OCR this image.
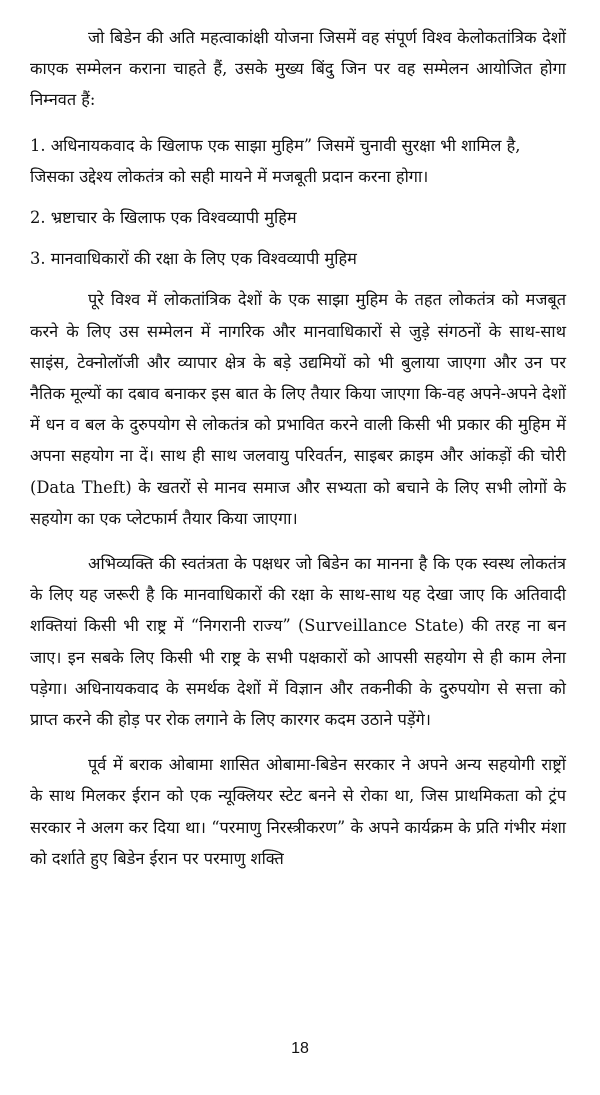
जो बिडेन की अति महत्वाकांक्षी योजना जिसमें वह संपूर्ण विश्व केलोकतांत्रिक देशों काएक सम्मेलन कराना चाहते हैं, उसके मुख्य बिंदु जिन पर वह सम्मेलन आयोजित होगा निम्नवत हैं:

1. अधिनायकवाद के खिलाफ एक साझा मुहिम” जिसमें चुनावी सुरक्षा भी शामिल है, जिसका उद्देश्य लोकतंत्र को सही मायने में मजबूती प्रदान करना होगा।

2. भ्रष्टाचार के खिलाफ एक विश्वव्यापी मुहिम

3. मानवाधिकारों की रक्षा के लिए एक विश्वव्यापी मुहिम

पूरे विश्व में लोकतांत्रिक देशों के एक साझा मुहिम के तहत लोकतंत्र को मजबूत करने के लिए उस सम्मेलन में नागरिक और मानवाधिकारों से जुड़े संगठनों के साथ-साथ साइंस, टेक्नोलॉजी और व्यापार क्षेत्र के बड़े उद्यमियों को भी बुलाया जाएगा और उन पर नैतिक मूल्यों का दबाव बनाकर इस बात के लिए तैयार किया जाएगा कि-वह अपने-अपने देशों में धन व बल के दुरुपयोग से लोकतंत्र को प्रभावित करने वाली किसी भी प्रकार की मुहिम में अपना सहयोग ना दें। साथ ही साथ जलवायु परिवर्तन, साइबर क्राइम और आंकड़ों की चोरी (Data Theft) के खतरों से मानव समाज और सभ्यता को बचाने के लिए सभी लोगों के सहयोग का एक प्लेटफार्म तैयार किया जाएगा।

अभिव्यक्ति की स्वतंत्रता के पक्षधर जो बिडेन का मानना है कि एक स्वस्थ लोकतंत्र के लिए यह जरूरी है कि मानवाधिकारों की रक्षा के साथ-साथ यह देखा जाए कि अतिवादी शक्तियां किसी भी राष्ट्र में “निगरानी राज्य” (Surveillance State) की तरह ना बन जाए। इन सबके लिए किसी भी राष्ट्र के सभी पक्षकारों को आपसी सहयोग से ही काम लेना पड़ेगा। अधिनायकवाद के समर्थक देशों में विज्ञान और तकनीकी के दुरुपयोग से सत्ता को प्राप्त करने की होड़ पर रोक लगाने के लिए कारगर कदम उठाने पड़ेंगे।

पूर्व में बराक ओबामा शासित ओबामा-बिडेन सरकार ने अपने अन्य सहयोगी राष्ट्रों के साथ मिलकर ईरान को एक न्यूक्लियर स्टेट बनने से रोका था, जिस प्राथमिकता को ट्रंप सरकार ने अलग कर दिया था। “परमाणु निरस्त्रीकरण” के अपने कार्यक्रम के प्रति गंभीर मंशा को दर्शाते हुए बिडेन ईरान पर परमाणु शक्ति

18
